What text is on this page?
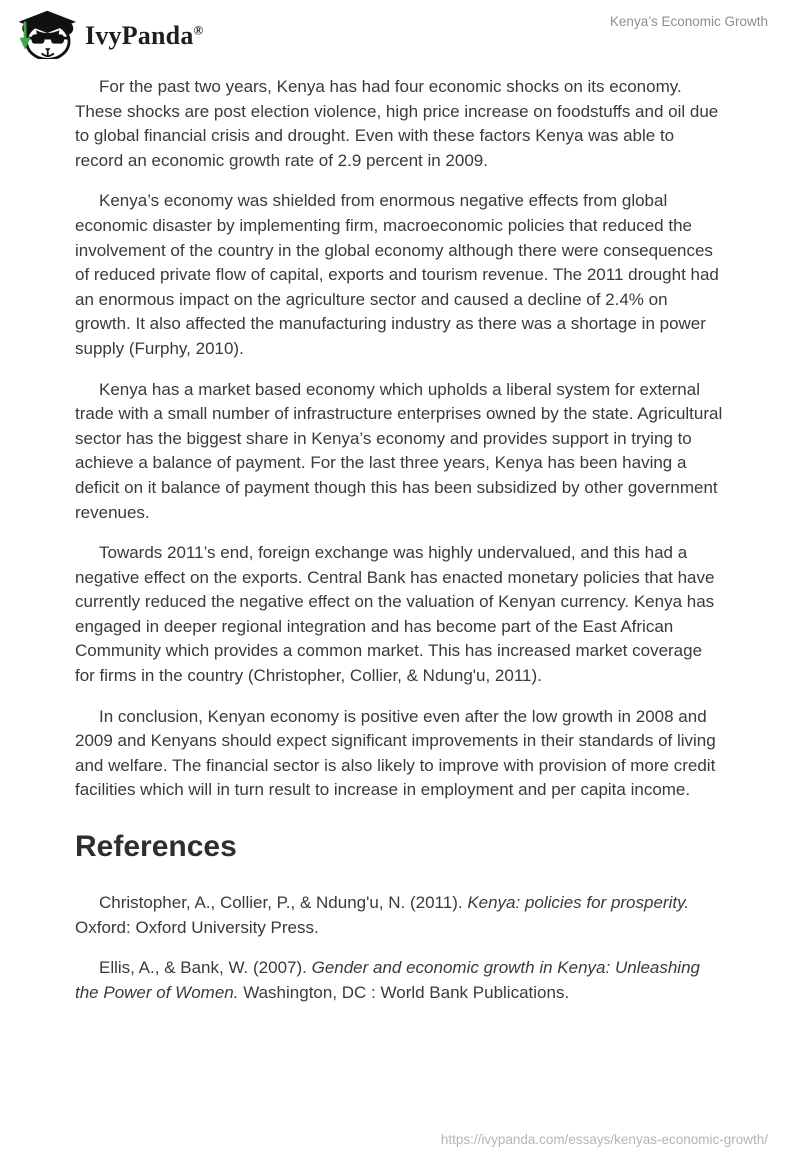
IvyPanda®
Kenya’s Economic Growth

For the past two years, Kenya has had four economic shocks on its economy. These shocks are post election violence, high price increase on foodstuffs and oil due to global financial crisis and drought. Even with these factors Kenya was able to record an economic growth rate of 2.9 percent in 2009.

Kenya’s economy was shielded from enormous negative effects from global economic disaster by implementing firm, macroeconomic policies that reduced the involvement of the country in the global economy although there were consequences of reduced private flow of capital, exports and tourism revenue. The 2011 drought had an enormous impact on the agriculture sector and caused a decline of 2.4% on growth. It also affected the manufacturing industry as there was a shortage in power supply (Furphy, 2010).

Kenya has a market based economy which upholds a liberal system for external trade with a small number of infrastructure enterprises owned by the state. Agricultural sector has the biggest share in Kenya’s economy and provides support in trying to achieve a balance of payment. For the last three years, Kenya has been having a deficit on it balance of payment though this has been subsidized by other government revenues.

Towards 2011’s end, foreign exchange was highly undervalued, and this had a negative effect on the exports. Central Bank has enacted monetary policies that have currently reduced the negative effect on the valuation of Kenyan currency. Kenya has engaged in deeper regional integration and has become part of the East African Community which provides a common market. This has increased market coverage for firms in the country (Christopher, Collier, & Ndung'u, 2011).

In conclusion, Kenyan economy is positive even after the low growth in 2008 and 2009 and Kenyans should expect significant improvements in their standards of living and welfare. The financial sector is also likely to improve with provision of more credit facilities which will in turn result to increase in employment and per capita income.

References

Christopher, A., Collier, P., & Ndung'u, N. (2011). Kenya: policies for prosperity. Oxford: Oxford University Press.

Ellis, A., & Bank, W. (2007). Gender and economic growth in Kenya: Unleashing the Power of Women. Washington, DC : World Bank Publications.

https://ivypanda.com/essays/kenyas-economic-growth/
